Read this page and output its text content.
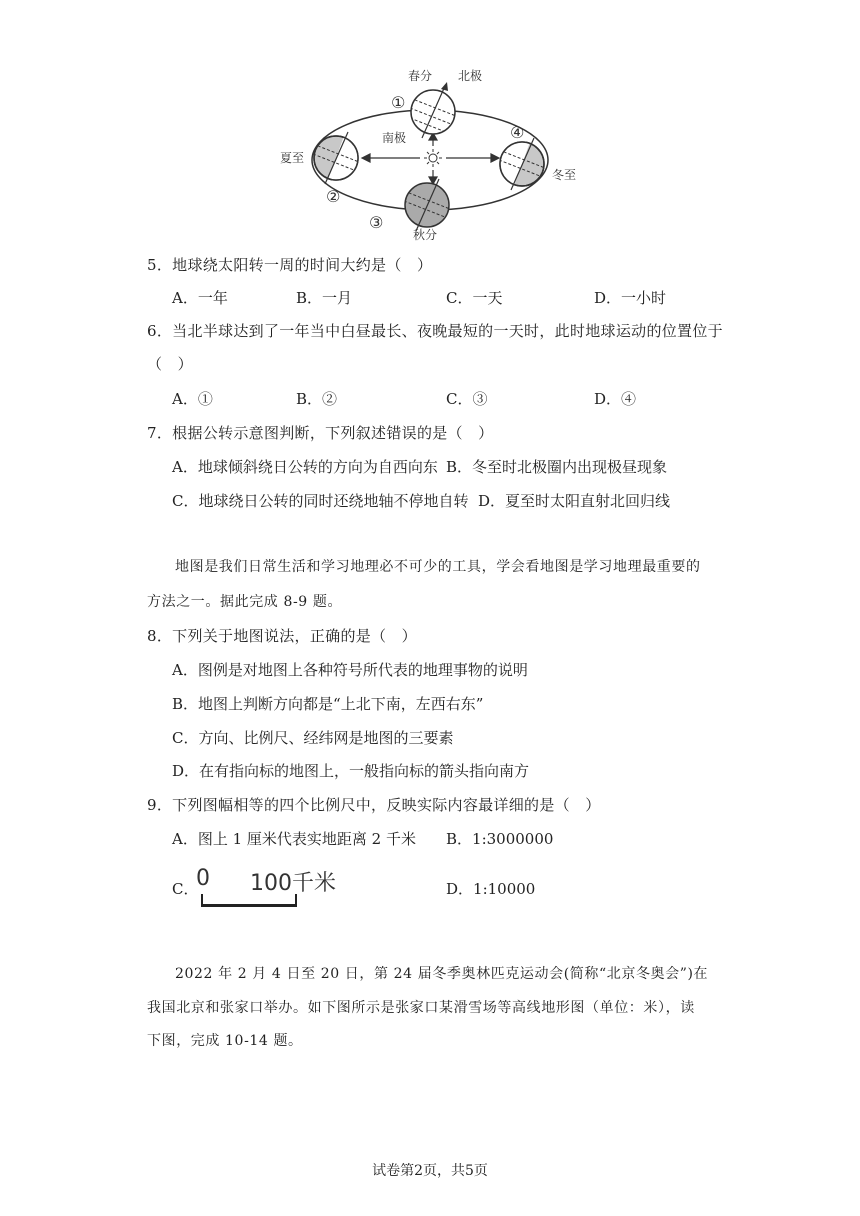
春分 北极
南极
夏至
冬至
秋分
①
②
③
④
5．地球绕太阳转一周的时间大约是（　）
A．一年	B．一月	C．一天	D．一小时
6．当北半球达到了一年当中白昼最长、夜晚最短的一天时，此时地球运动的位置位于
（　）
A．①	B．②	C．③	D．④
7．根据公转示意图判断，下列叙述错误的是（　）
A．地球倾斜绕日公转的方向为自西向东 B．冬至时北极圈内出现极昼现象
C．地球绕日公转的同时还绕地轴不停地自转 D．夏至时太阳直射北回归线
地图是我们日常生活和学习地理必不可少的工具，学会看地图是学习地理最重要的
方法之一。据此完成 8-9 题。
8．下列关于地图说法，正确的是（　）
A．图例是对地图上各种符号所代表的地理事物的说明
B．地图上判断方向都是“上北下南，左西右东”
C．方向、比例尺、经纬网是地图的三要素
D．在有指向标的地图上，一般指向标的箭头指向南方
9．下列图幅相等的四个比例尺中，反映实际内容最详细的是（　）
A．图上 1 厘米代表实地距离 2 千米 B．1:3000000
C．
0 100千米	D．1:10000
2022 年 2 月 4 日至 20 日，第 24 届冬季奥林匹克运动会(简称“北京冬奥会”)在
我国北京和张家口举办。如下图所示是张家口某滑雪场等高线地形图（单位：米），读
下图，完成 10-14 题。
试卷第2页，共5页
